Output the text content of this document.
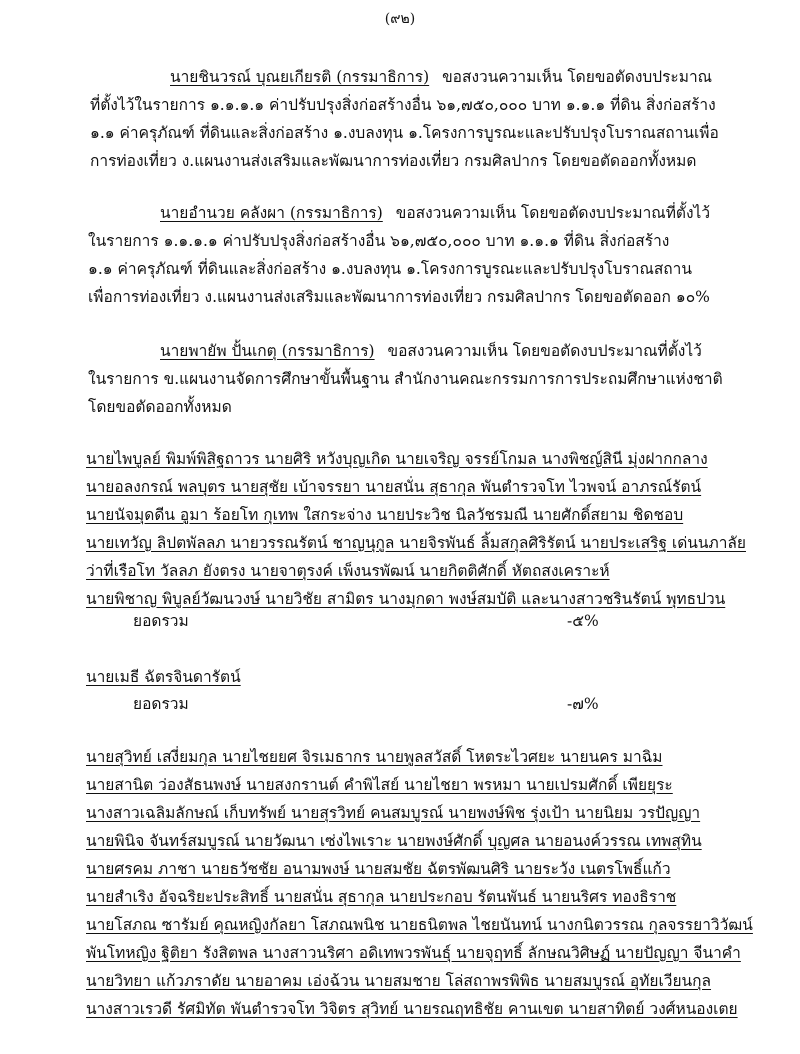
(๙๒)
นายชินวรณ์ บุณยเกียรติ (กรรมาธิการ) ขอสงวนความเห็น โดยขอตัดงบประมาณ
ที่ตั้งไว้ในรายการ ๑.๑.๑.๑ ค่าปรับปรุงสิ่งก่อสร้างอื่น ๖๑,๗๕๐,๐๐๐ บาท ๑.๑.๑ ที่ดิน สิ่งก่อสร้าง
๑.๑ ค่าครุภัณฑ์ ที่ดินและสิ่งก่อสร้าง ๑.งบลงทุน ๑.โครงการบูรณะและปรับปรุงโบราณสถานเพื่อ
การท่องเที่ยว ง.แผนงานส่งเสริมและพัฒนาการท่องเที่ยว กรมศิลปากร โดยขอตัดออกทั้งหมด
นายอำนวย คลังผา (กรรมาธิการ) ขอสงวนความเห็น โดยขอตัดงบประมาณที่ตั้งไว้
ในรายการ ๑.๑.๑.๑ ค่าปรับปรุงสิ่งก่อสร้างอื่น ๖๑,๗๕๐,๐๐๐ บาท ๑.๑.๑ ที่ดิน สิ่งก่อสร้าง
๑.๑ ค่าครุภัณฑ์ ที่ดินและสิ่งก่อสร้าง ๑.งบลงทุน ๑.โครงการบูรณะและปรับปรุงโบราณสถาน
เพื่อการท่องเที่ยว ง.แผนงานส่งเสริมและพัฒนาการท่องเที่ยว กรมศิลปากร โดยขอตัดออก ๑๐%
นายพายัพ ปั้นเกตุ (กรรมาธิการ) ขอสงวนความเห็น โดยขอตัดงบประมาณที่ตั้งไว้
ในรายการ ข.แผนงานจัดการศึกษาขั้นพื้นฐาน สำนักงานคณะกรรมการการประถมศึกษาแห่งชาติ
โดยขอตัดออกทั้งหมด
นายไพบูลย์ พิมพ์พิสิฐถาวร นายศิริ หวังบุญเกิด นายเจริญ จรรย์โกมล นางพิชญ์สินี มุ่งฝากกลาง
นายอลงกรณ์ พลบุตร นายสุชัย เบ้าจรรยา นายสนั่น สุธากุล พันตำรวจโท ไวพจน์ อาภรณ์รัตน์
นายนัจมุดดีน อูมา ร้อยโท กุเทพ ใสกระจ่าง นายประวิช นิลวัชรมณี นายศักดิ์สยาม ชิดชอบ
นายเทวัญ ลิปตพัลลภ นายวรรณรัตน์ ชาญนุกูล นายจิรพันธ์ ลิ้มสกุลศิริรัตน์ นายประเสริฐ เด่นนภาลัย
ว่าที่เรือโท วัลลภ ยังตรง นายจาตุรงค์ เพ็งนรพัฒน์ นายกิตติศักดิ์ หัตถสงเคราะห์
นายพิชาญ พิบูลย์วัฒนวงษ์ นายวิชัย สามิตร นางมุกดา พงษ์สมบัติ และนางสาวชรินรัตน์ พุทธปวน
ยอดรวม	-๕%
นายเมธี ฉัตรจินดารัตน์
ยอดรวม	-๗%
นายสุวิทย์ เสงี่ยมกุล นายไชยยศ จิรเมธากร นายพูลสวัสดิ์ โหตระไวศยะ นายนคร มาฉิม
นายสานิต ว่องสัธนพงษ์ นายสงกรานต์ คำพิไสย์ นายไชยา พรหมา นายเปรมศักดิ์ เพียยุระ
นางสาวเฉลิมลักษณ์ เก็บทรัพย์ นายสุรวิทย์ คนสมบูรณ์ นายพงษ์พิช รุ่งเป้า นายนิยม วรปัญญา
นายพินิจ จันทร์สมบูรณ์ นายวัฒนา เซ่งไพเราะ นายพงษ์ศักดิ์ บุญศล นายอนงค์วรรณ เทพสุทิน
นายศรคม ภาชา นายธวัชชัย อนามพงษ์ นายสมชัย ฉัตรพัฒนศิริ นายระวัง เนตรโพธิ์แก้ว
นายสำเริง อัจฉริยะประสิทธิ์ นายสนั่น สุธากุล นายประกอบ รัตนพันธ์ นายนริศร ทองธิราช
นายโสภณ ซารัมย์ คุณหญิงกัลยา โสภณพนิช นายธนิตพล ไชยนันทน์ นางกนิตวรรณ กุลจรรยาวิวัฒน์
พันโทหญิง ฐิติยา รังสิตพล นางสาวนริศา อดิเทพวรพันธุ์ นายจุฤทธิ์ ลักษณวิศิษฏ์ นายปัญญา จีนาคำ
นายวิทยา แก้วภราดัย นายอาคม เอ่งฉ้วน นายสมชาย โล่สถาพรพิพิธ นายสมบูรณ์ อุทัยเวียนกุล
นางสาวเรวดี รัศมิทัต พันตำรวจโท วิจิตร สุวิทย์ นายรณฤทธิชัย คานเขต นายสาทิตย์ วงศ์หนองเตย
